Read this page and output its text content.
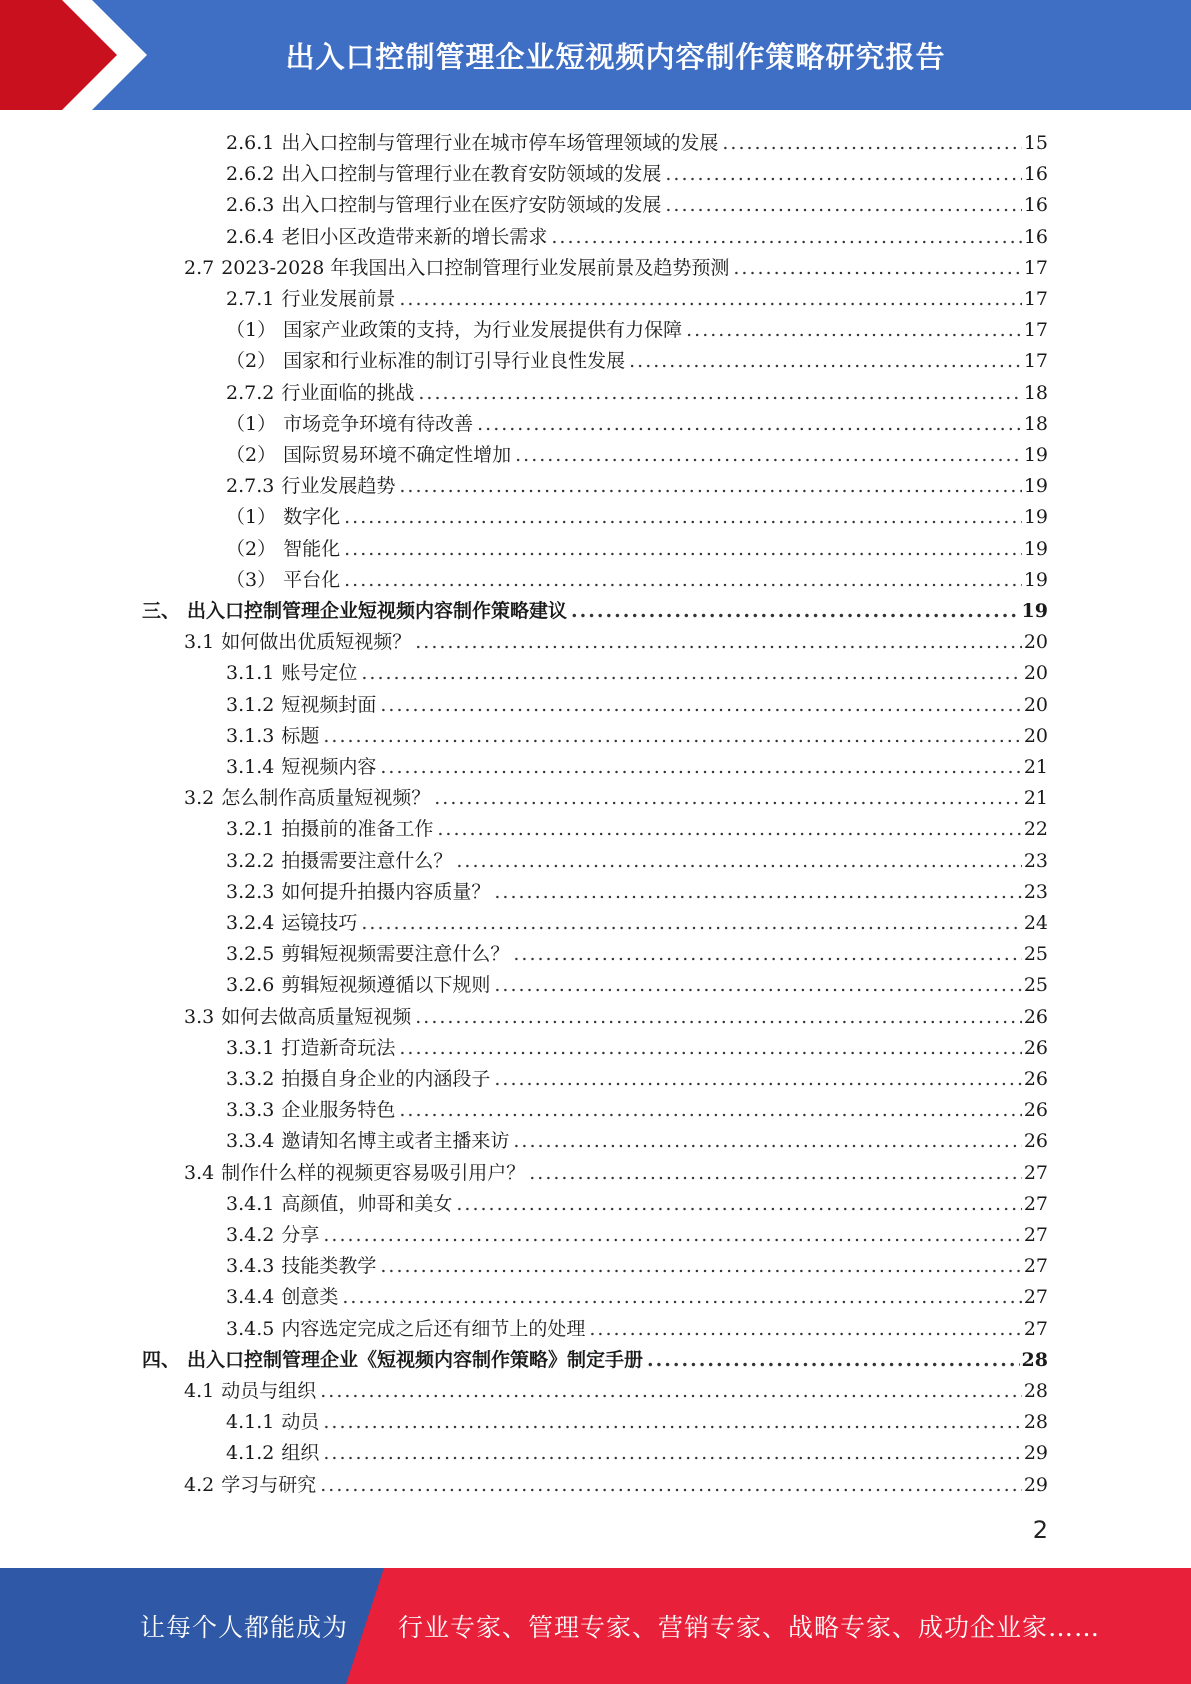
出入口控制管理企业短视频内容制作策略研究报告
2.6.1 出入口控制与管理行业在城市停车场管理领域的发展 .....	15
2.6.2 出入口控制与管理行业在教育安防领域的发展 .....	16
2.6.3 出入口控制与管理行业在医疗安防领域的发展 .....	16
2.6.4 老旧小区改造带来新的增长需求 .....	16
2.7 2023-2028 年我国出入口控制管理行业发展前景及趋势预测 .....	17
2.7.1 行业发展前景 .....	17
（1） 国家产业政策的支持，为行业发展提供有力保障 .....	17
（2） 国家和行业标准的制订引导行业良性发展 .....	17
2.7.2 行业面临的挑战 .....	18
（1） 市场竞争环境有待改善 .....	18
（2） 国际贸易环境不确定性增加 .....	19
2.7.3 行业发展趋势 .....	19
（1） 数字化 .....	19
（2） 智能化 .....	19
（3） 平台化 .....	19
三、 出入口控制管理企业短视频内容制作策略建议 .....	19
3.1 如何做出优质短视频？ .....	20
3.1.1 账号定位 .....	20
3.1.2 短视频封面 .....	20
3.1.3 标题 .....	20
3.1.4 短视频内容 .....	21
3.2 怎么制作高质量短视频？ .....	21
3.2.1 拍摄前的准备工作 .....	22
3.2.2 拍摄需要注意什么？ .....	23
3.2.3 如何提升拍摄内容质量？ .....	23
3.2.4 运镜技巧 .....	24
3.2.5 剪辑短视频需要注意什么？ .....	25
3.2.6 剪辑短视频遵循以下规则 .....	25
3.3 如何去做高质量短视频 .....	26
3.3.1 打造新奇玩法 .....	26
3.3.2 拍摄自身企业的内涵段子 .....	26
3.3.3 企业服务特色 .....	26
3.3.4 邀请知名博主或者主播来访 .....	26
3.4 制作什么样的视频更容易吸引用户？ .....	27
3.4.1 高颜值，帅哥和美女 .....	27
3.4.2 分享 .....	27
3.4.3 技能类教学 .....	27
3.4.4 创意类 .....	27
3.4.5 内容选定完成之后还有细节上的处理 .....	27
四、 出入口控制管理企业《短视频内容制作策略》制定手册 .....	28
4.1 动员与组织 .....	28
4.1.1 动员 .....	28
4.1.2 组织 .....	29
4.2 学习与研究 .....	29
2
让每个人都能成为 行业专家、管理专家、营销专家、战略专家、成功企业家……
